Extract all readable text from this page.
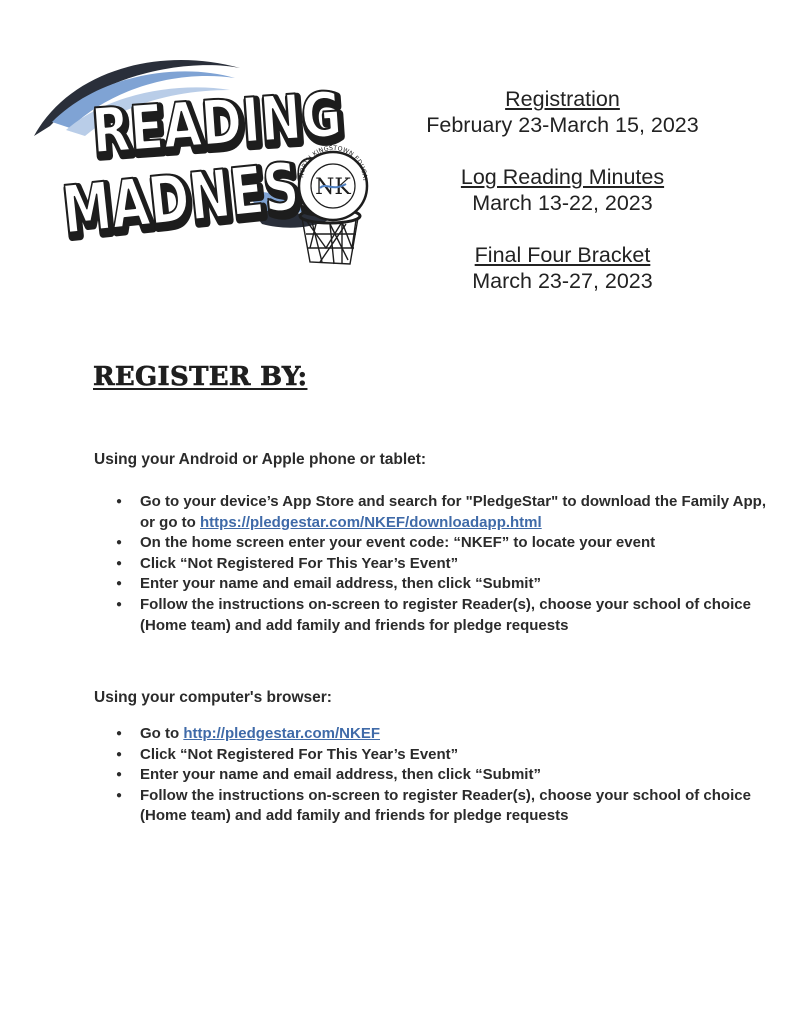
READING
READING
MADNESS
MADNESS
NORTH KINGSTOWN EDUCAT
NK
Registration
February 23-March 15, 2023
Log Reading Minutes
March 13-22, 2023
Final Four Bracket
March 23-27, 2023
REGISTER BY:

Using your Android or Apple phone or tablet:

● Go to your device’s App Store and search for "PledgeStar" to download the Family App, or go to https://pledgestar.com/NKEF/downloadapp.html
● On the home screen enter your event code: “NKEF” to locate your event
● Click “Not Registered For This Year’s Event”
● Enter your name and email address, then click “Submit”
● Follow the instructions on-screen to register Reader(s), choose your school of choice (Home team) and add family and friends for pledge requests

Using your computer's browser:

● Go to http://pledgestar.com/NKEF
● Click “Not Registered For This Year’s Event”
● Enter your name and email address, then click “Submit”
● Follow the instructions on-screen to register Reader(s), choose your school of choice (Home team) and add family and friends for pledge requests
